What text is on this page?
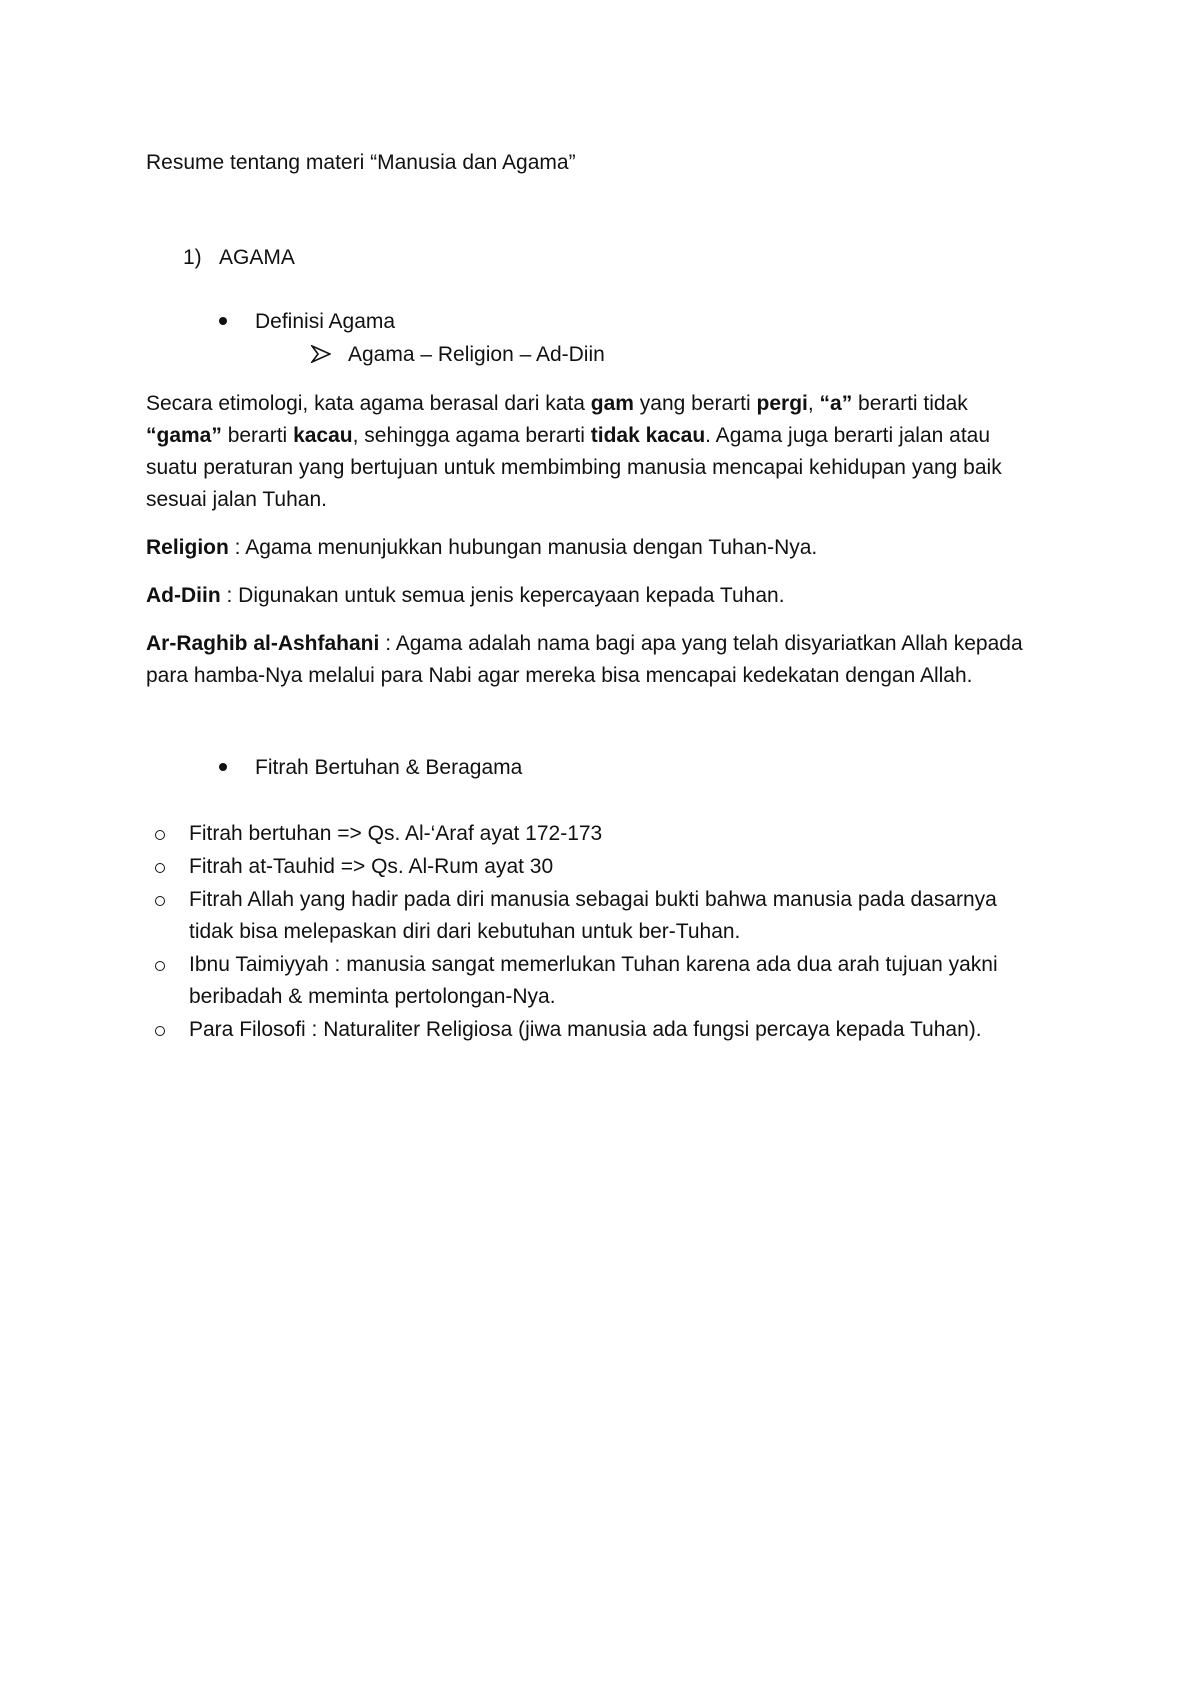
Resume tentang materi “Manusia dan Agama”
1) AGAMA
Definisi Agama
Agama – Religion – Ad-Diin
Secara etimologi, kata agama berasal dari kata gam yang berarti pergi, “a” berarti tidak
“gama” berarti kacau, sehingga agama berarti tidak kacau. Agama juga berarti jalan atau
suatu peraturan yang bertujuan untuk membimbing manusia mencapai kehidupan yang baik
sesuai jalan Tuhan.
Religion : Agama menunjukkan hubungan manusia dengan Tuhan-Nya.
Ad-Diin : Digunakan untuk semua jenis kepercayaan kepada Tuhan.
Ar-Raghib al-Ashfahani : Agama adalah nama bagi apa yang telah disyariatkan Allah kepada
para hamba-Nya melalui para Nabi agar mereka bisa mencapai kedekatan dengan Allah.
Fitrah Bertuhan & Beragama
Fitrah bertuhan => Qs. Al-‘Araf ayat 172-173
Fitrah at-Tauhid => Qs. Al-Rum ayat 30
Fitrah Allah yang hadir pada diri manusia sebagai bukti bahwa manusia pada dasarnya
tidak bisa melepaskan diri dari kebutuhan untuk ber-Tuhan.
Ibnu Taimiyyah : manusia sangat memerlukan Tuhan karena ada dua arah tujuan yakni
beribadah & meminta pertolongan-Nya.
Para Filosofi : Naturaliter Religiosa (jiwa manusia ada fungsi percaya kepada Tuhan).
